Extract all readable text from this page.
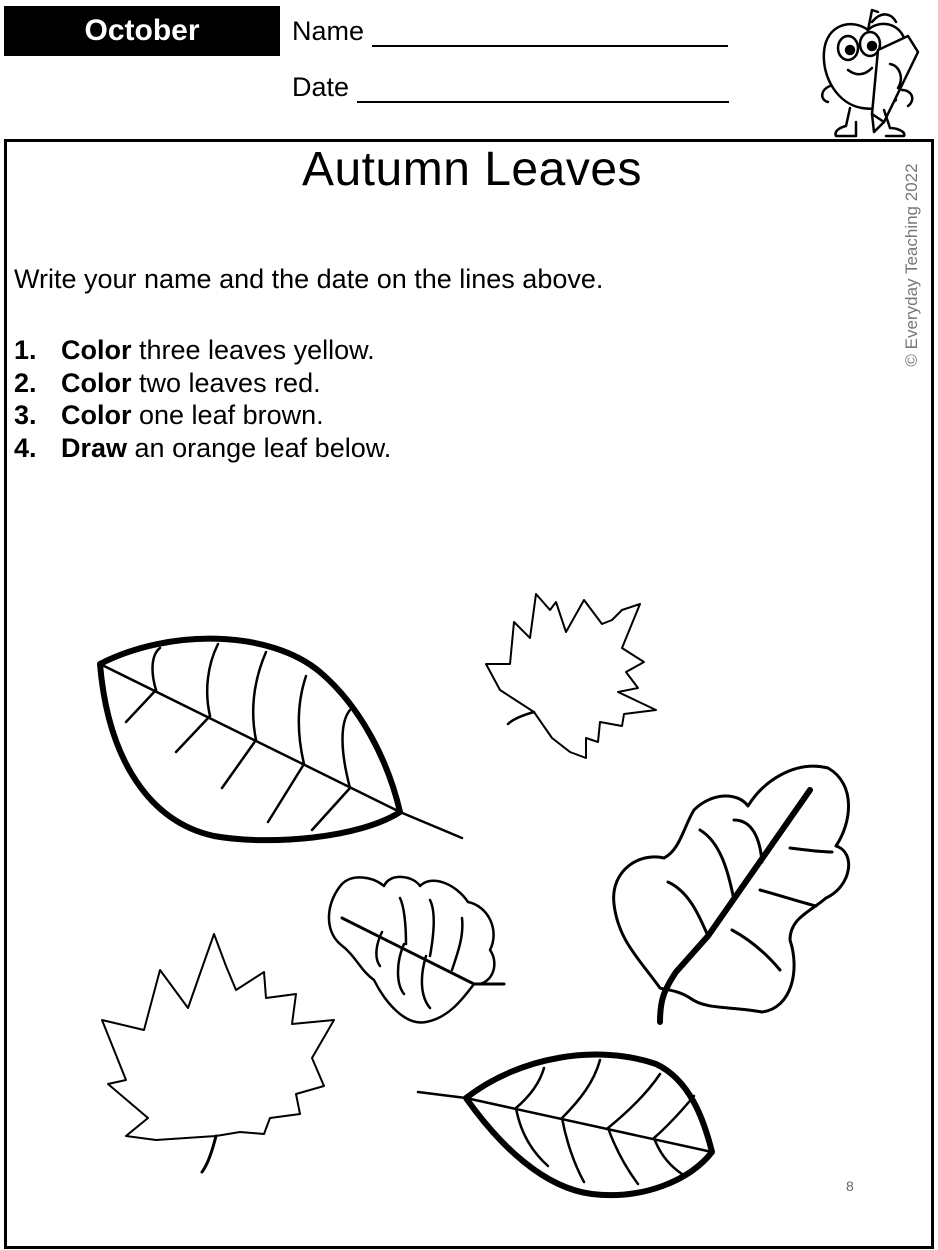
October	Name
Date
Autumn Leaves	© Everyday Teaching 2022
Write your name and the date on the lines above.
1. Color three leaves yellow.
2. Color two leaves red.
3. Color one leaf brown.
4. Draw an orange leaf below.
8
